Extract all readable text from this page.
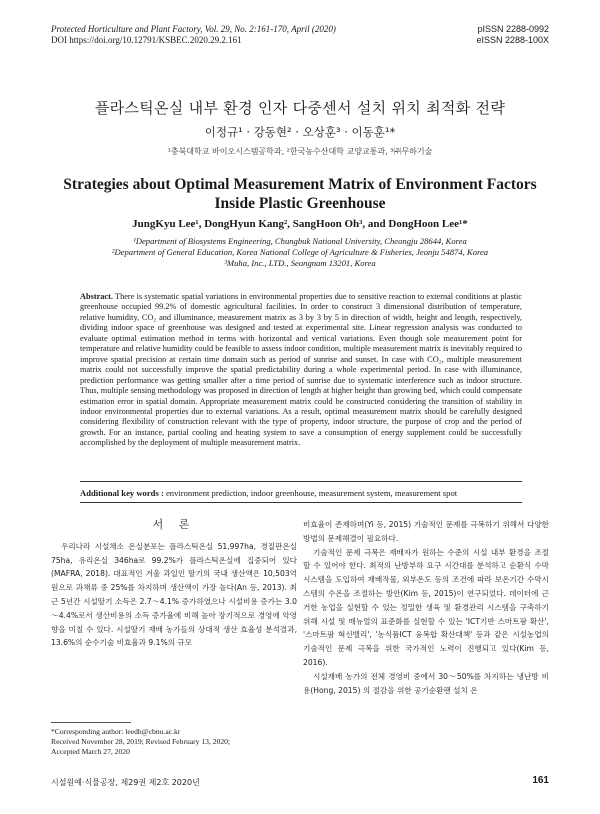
Protected Horticulture and Plant Factory, Vol. 29, No. 2:161-170, April (2020)
DOI https://doi.org/10.12791/KSBEC.2020.29.2.161
pISSN 2288-0992
eISSN 2288-100X
플라스틱온실 내부 환경 인자 다중센서 설치 위치 최적화 전략
이정규¹ · 강동현² · 오상훈³ · 이동훈¹*
¹충북대학교 바이오시스템공학과, ²한국농수산대학 교양교통과, ³㈜무하기술
Strategies about Optimal Measurement Matrix of Environment Factors
Inside Plastic Greenhouse
JungKyu Lee¹, DongHyun Kang², SangHoon Oh³, and DongHoon Lee¹*
¹Department of Biosystems Engineering, Chungbuk National University, Cheongju 28644, Korea
²Department of General Education, Korea National College of Agriculture & Fisheries, Jeonju 54874, Korea
³Muha, Inc., LTD., Seongnam 13201, Korea
Abstract. There is systematic spatial variations in environmental properties due to sensitive reaction to external conditions at plastic greenhouse occupied 99.2% of domestic agricultural facilities. In order to construct 3 dimensional distribution of temperature, relative humidity, CO₂ and illuminance, measurement matrix as 3 by 3 by 5 in direction of width, height and length, respectively, dividing indoor space of greenhouse was designed and tested at experimental site. Linear regression analysis was conducted to evaluate optimal estimation method in terms with horizontal and vertical variations. Even though sole measurement point for temperature and relative humidity could be feasible to assess indoor condition, multiple measurement matrix is inevitably required to improve spatial precision at certain time domain such as period of sunrise and sunset. In case with CO₂, multiple measurement matrix could not successfully improve the spatial predictability during a whole experimental period. In case with illuminance, prediction performance was getting smaller after a time period of sunrise due to systematic interference such as indoor structure. Thus, multiple sensing methodology was proposed in direction of length at higher height than growing bed, which could compensate estimation error in spatial domain. Appropriate measurement matrix could be constructed considering the transition of stability in indoor environmental properties due to external variations. As a result, optimal measurement matrix should be carefully designed considering flexibility of construction relevant with the type of property, indoor structure, the purpose of crop and the period of growth. For an instance, partial cooling and heating system to save a consumption of energy supplement could be successfully accomplished by the deployment of multiple measurement matrix.
Additional key words : environment prediction, indoor greenhouse, measurement system, measurement spot
서 론

우리나라 시설채소 온실분포는 플라스틱온실 51,997ha, 경질판온실 75ha, 유리온실 346ha로 99.2%가 플라스틱온실에 집중되어 있다(MAFRA, 2018). 대표적인 겨울 과일인 딸기의 국내 생산액은 10,503억원으로 과채류 중 25%를 차지하며 생산액이 가장 높다(An 등, 2013). 최근 5년간 시설딸기 소득은 2.7～4.1% 증가하였으나 시설비용 증가는 3.0～4.4%로서 생산비용의 소득 증가율에 비해 높아 장기적으로 경영에 악영향을 미칠 수 있다. 시설딸기 재배 농가들의 상대적 생산 효율성 분석결과, 13.6%의 순수기술 비효율과 9.1%의 규모

비효율이 존재하며(Yi 등, 2015) 기술적인 문제를 극복하기 위해서 다양한 방법의 문제해결이 필요하다.

기술적인 문제 극복은 재배자가 원하는 수준의 시설 내부 환경을 조절 할 수 있어야 한다. 최적의 난방부하 요구 시간대를 분석하고 순환식 수막시스템을 도입하여 재배작물, 외부온도 등의 조건에 따라 보온기간 수막시스템의 수온을 조절하는 방안(Kim 등, 2015)이 연구되었다. 데이터에 근거한 농업을 실현할 수 있는 정밀한 생육 및 환경관리 시스템을 구축하기 위해 시설 및 매뉴얼의 표준화를 실현할 수 있는 'ICT기반 스마트팜 확산', '스마트팜 혁신밸리', '농식품ICT 융복합 확산대책' 등과 같은 시설농업의 기술적인 문제 극복을 위한 국가적인 노력이 진행되고 있다(Kim 등, 2016).

시설재배 농가의 전체 경영비 중에서 30～50%를 차지하는 냉난방 비용(Hong, 2015) 의 절감을 위한 공기순환팬 설치 온

*Corresponding author: leedh@cbnu.ac.kr
Received November 28, 2019; Revised February 13, 2020;
Accepted March 27, 2020
시설원예·식물공장, 제29권 제2호 2020년	161
